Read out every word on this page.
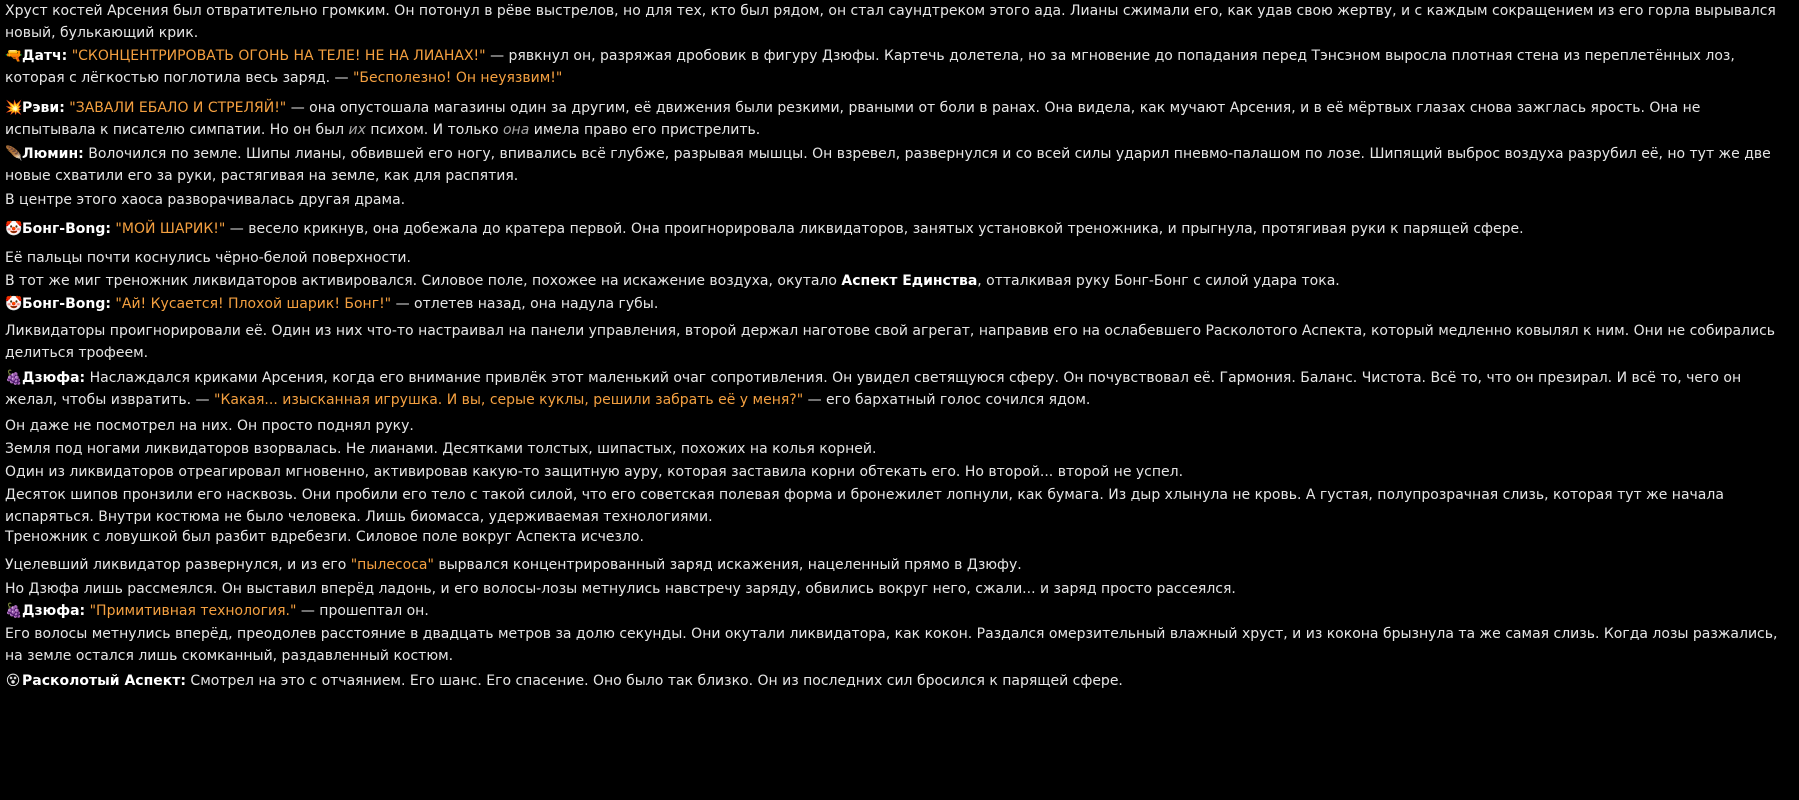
Хруст костей Арсения был отвратительно громким. Он потонул в рёве выстрелов, но для тех, кто был рядом, он стал саундтреком этого ада. Лианы сжимали его, как удав свою жертву, и с каждым сокращением из его горла вырывался новый, булькающий крик.
🔫Датч: "СКОНЦЕНТРИРОВАТЬ ОГОНЬ НА ТЕЛЕ! НЕ НА ЛИАНАХ!" — рявкнул он, разряжая дробовик в фигуру Дзюфы. Картечь долетела, но за мгновение до попадания перед Тэнсэном выросла плотная стена из переплетённых лоз, которая с лёгкостью поглотила весь заряд. — "Бесполезно! Он неуязвим!"
💥Рэви: "ЗАВАЛИ ЕБАЛО И СТРЕЛЯЙ!" — она опустошала магазины один за другим, её движения были резкими, рваными от боли в ранах. Она видела, как мучают Арсения, и в её мёртвых глазах снова зажглась ярость. Она не испытывала к писателю симпатии. Но он был их психом. И только она имела право его пристрелить.
🪶Люмин: Волочился по земле. Шипы лианы, обвившей его ногу, впивались всё глубже, разрывая мышцы. Он взревел, развернулся и со всей силы ударил пневмо-палашом по лозе. Шипящий выброс воздуха разрубил её, но тут же две новые схватили его за руки, растягивая на земле, как для распятия.
В центре этого хаоса разворачивалась другая драма.
🤡Бонг-Bong: "МОЙ ШАРИК!" — весело крикнув, она добежала до кратера первой. Она проигнорировала ликвидаторов, занятых установкой треножника, и прыгнула, протягивая руки к парящей сфере.
Её пальцы почти коснулись чёрно-белой поверхности.
В тот же миг треножник ликвидаторов активировался. Силовое поле, похожее на искажение воздуха, окутало Аспект Единства, отталкивая руку Бонг-Бонг с силой удара тока.
🤡Бонг-Bong: "Ай! Кусается! Плохой шарик! Бонг!" — отлетев назад, она надула губы.
Ликвидаторы проигнорировали её. Один из них что-то настраивал на панели управления, второй держал наготове свой агрегат, направив его на ослабевшего Расколотого Аспекта, который медленно ковылял к ним. Они не собирались делиться трофеем.
🍇Дзюфа: Наслаждался криками Арсения, когда его внимание привлёк этот маленький очаг сопротивления. Он увидел светящуюся сферу. Он почувствовал её. Гармония. Баланс. Чистота. Всё то, что он презирал. И всё то, чего он желал, чтобы извратить. — "Какая... изысканная игрушка. И вы, серые куклы, решили забрать её у меня?" — его бархатный голос сочился ядом.
Он даже не посмотрел на них. Он просто поднял руку.
Земля под ногами ликвидаторов взорвалась. Не лианами. Десятками толстых, шипастых, похожих на колья корней.
Один из ликвидаторов отреагировал мгновенно, активировав какую-то защитную ауру, которая заставила корни обтекать его. Но второй... второй не успел.
Десяток шипов пронзили его насквозь. Они пробили его тело с такой силой, что его советская полевая форма и бронежилет лопнули, как бумага. Из дыр хлынула не кровь. А густая, полупрозрачная слизь, которая тут же начала испаряться. Внутри костюма не было человека. Лишь биомасса, удерживаемая технологиями.
Треножник с ловушкой был разбит вдребезги. Силовое поле вокруг Аспекта исчезло.
Уцелевший ликвидатор развернулся, и из его "пылесоса" вырвался концентрированный заряд искажения, нацеленный прямо в Дзюфу.
Но Дзюфа лишь рассмеялся. Он выставил вперёд ладонь, и его волосы-лозы метнулись навстречу заряду, обвились вокруг него, сжали... и заряд просто рассеялся.
🍇Дзюфа: "Примитивная технология." — прошептал он.
Его волосы метнулись вперёд, преодолев расстояние в двадцать метров за долю секунды. Они окутали ликвидатора, как кокон. Раздался омерзительный влажный хруст, и из кокона брызнула та же самая слизь. Когда лозы разжались, на земле остался лишь скомканный, раздавленный костюм.
😵 Расколотый Аспект: Смотрел на это с отчаянием. Его шанс. Его спасение. Оно было так близко. Он из последних сил бросился к парящей сфере.
